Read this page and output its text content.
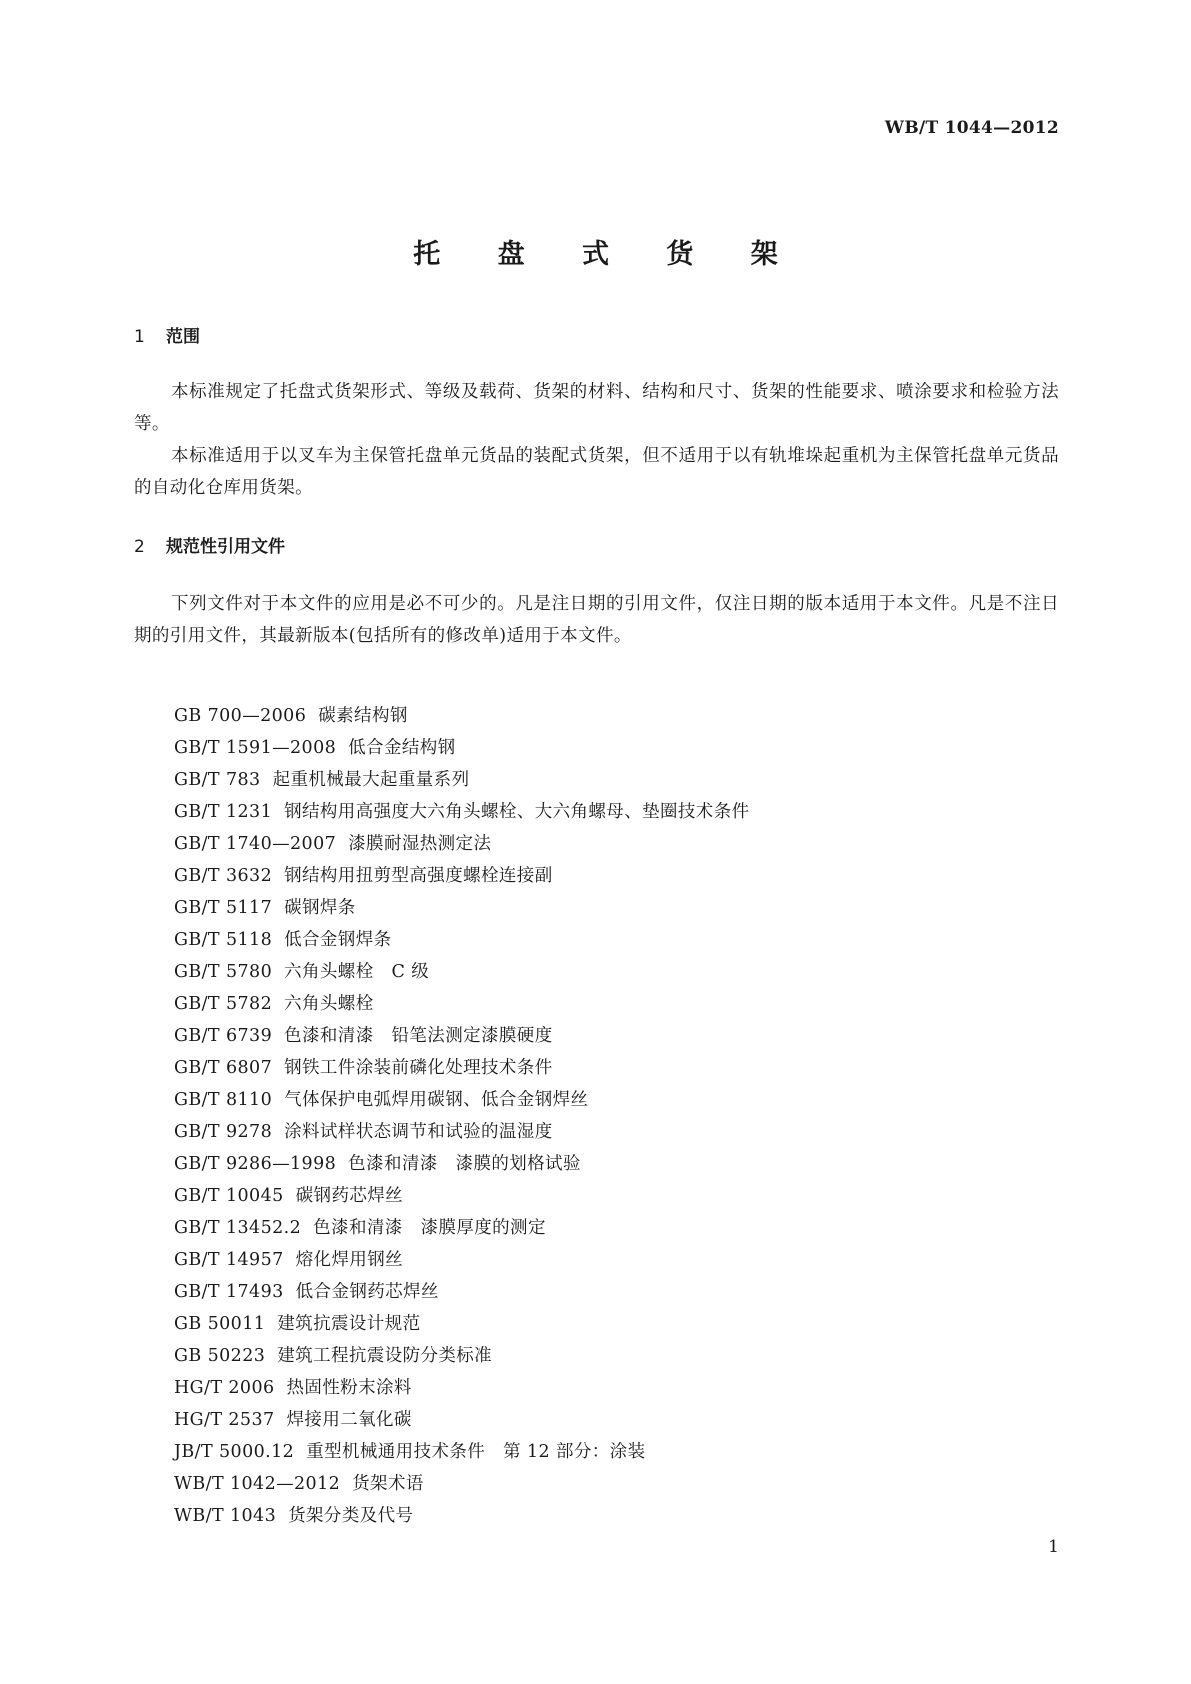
WB/T 1044—2012
托 盘 式 货 架
1 范围
本标准规定了托盘式货架形式、等级及载荷、货架的材料、结构和尺寸、货架的性能要求、喷涂要求和检验方法等。
本标准适用于以叉车为主保管托盘单元货品的装配式货架，但不适用于以有轨堆垛起重机为主保管托盘单元货品的自动化仓库用货架。
2 规范性引用文件
下列文件对于本文件的应用是必不可少的。凡是注日期的引用文件，仅注日期的版本适用于本文件。凡是不注日期的引用文件，其最新版本(包括所有的修改单)适用于本文件。
GB 700—2006 碳素结构钢
GB/T 1591—2008 低合金结构钢
GB/T 783 起重机械最大起重量系列
GB/T 1231 钢结构用高强度大六角头螺栓、大六角螺母、垫圈技术条件
GB/T 1740—2007 漆膜耐湿热测定法
GB/T 3632 钢结构用扭剪型高强度螺栓连接副
GB/T 5117 碳钢焊条
GB/T 5118 低合金钢焊条
GB/T 5780 六角头螺栓　C 级
GB/T 5782 六角头螺栓
GB/T 6739 色漆和清漆　铅笔法测定漆膜硬度
GB/T 6807 钢铁工件涂装前磷化处理技术条件
GB/T 8110 气体保护电弧焊用碳钢、低合金钢焊丝
GB/T 9278 涂料试样状态调节和试验的温湿度
GB/T 9286—1998 色漆和清漆　漆膜的划格试验
GB/T 10045 碳钢药芯焊丝
GB/T 13452.2 色漆和清漆　漆膜厚度的测定
GB/T 14957 熔化焊用钢丝
GB/T 17493 低合金钢药芯焊丝
GB 50011 建筑抗震设计规范
GB 50223 建筑工程抗震设防分类标准
HG/T 2006 热固性粉末涂料
HG/T 2537 焊接用二氧化碳
JB/T 5000.12 重型机械通用技术条件　第 12 部分：涂装
WB/T 1042—2012 货架术语
WB/T 1043 货架分类及代号
1
